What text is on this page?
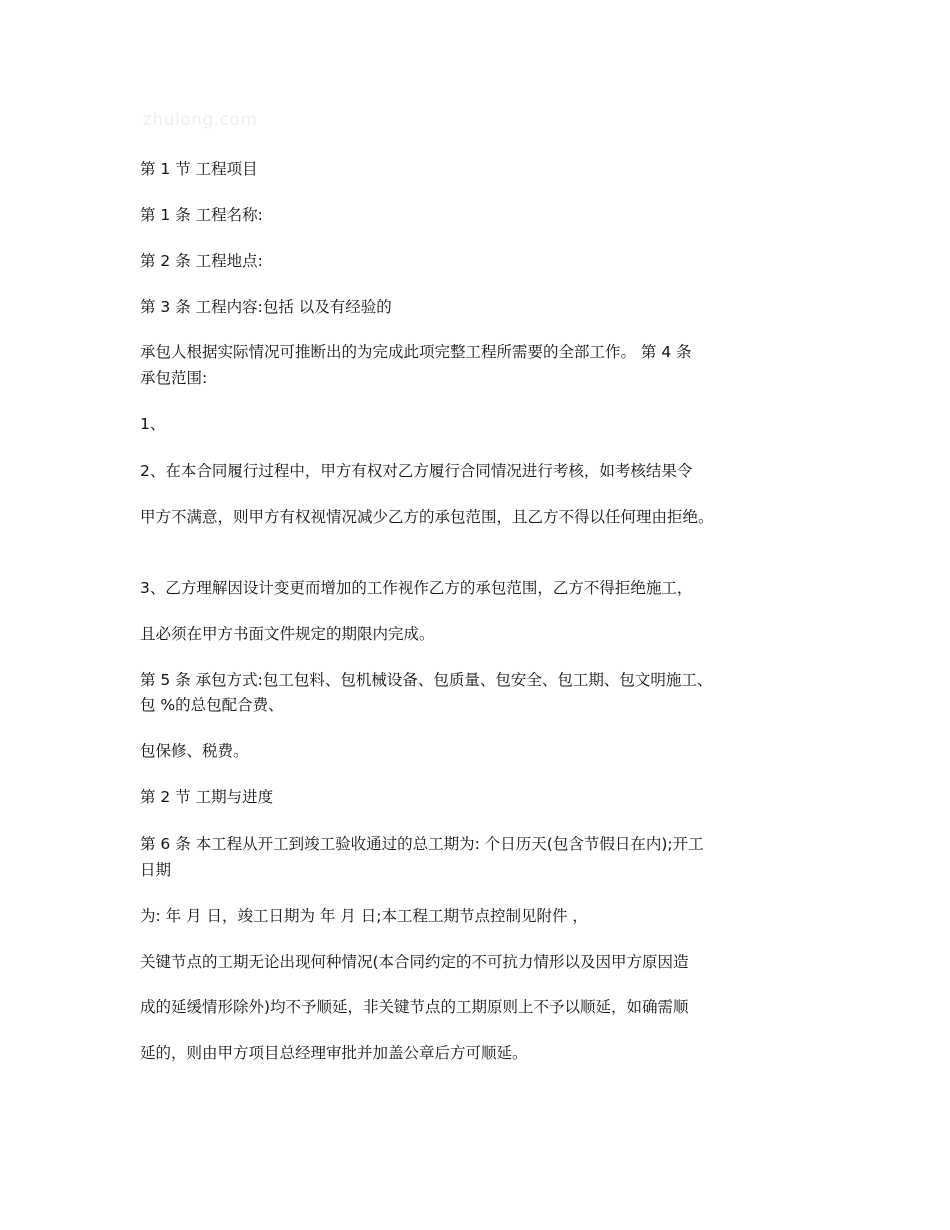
zhulong.com
第 1 节 工程项目
第 1 条 工程名称:
第 2 条 工程地点:
第 3 条 工程内容:包括 以及有经验的
承包人根据实际情况可推断出的为完成此项完整工程所需要的全部工作。 第 4 条
承包范围:
1、
2、在本合同履行过程中，甲方有权对乙方履行合同情况进行考核，如考核结果令
甲方不满意，则甲方有权视情况减少乙方的承包范围，且乙方不得以任何理由拒绝。
3、乙方理解因设计变更而增加的工作视作乙方的承包范围，乙方不得拒绝施工，
且必须在甲方书面文件规定的期限内完成。
第 5 条 承包方式:包工包料、包机械设备、包质量、包安全、包工期、包文明施工、
包 %的总包配合费、
包保修、税费。
第 2 节 工期与进度
第 6 条 本工程从开工到竣工验收通过的总工期为: 个日历天(包含节假日在内);开工
日期
为: 年 月 日，竣工日期为 年 月 日;本工程工期节点控制见附件 ，
关键节点的工期无论出现何种情况(本合同约定的不可抗力情形以及因甲方原因造
成的延缓情形除外)均不予顺延，非关键节点的工期原则上不予以顺延，如确需顺
延的，则由甲方项目总经理审批并加盖公章后方可顺延。
